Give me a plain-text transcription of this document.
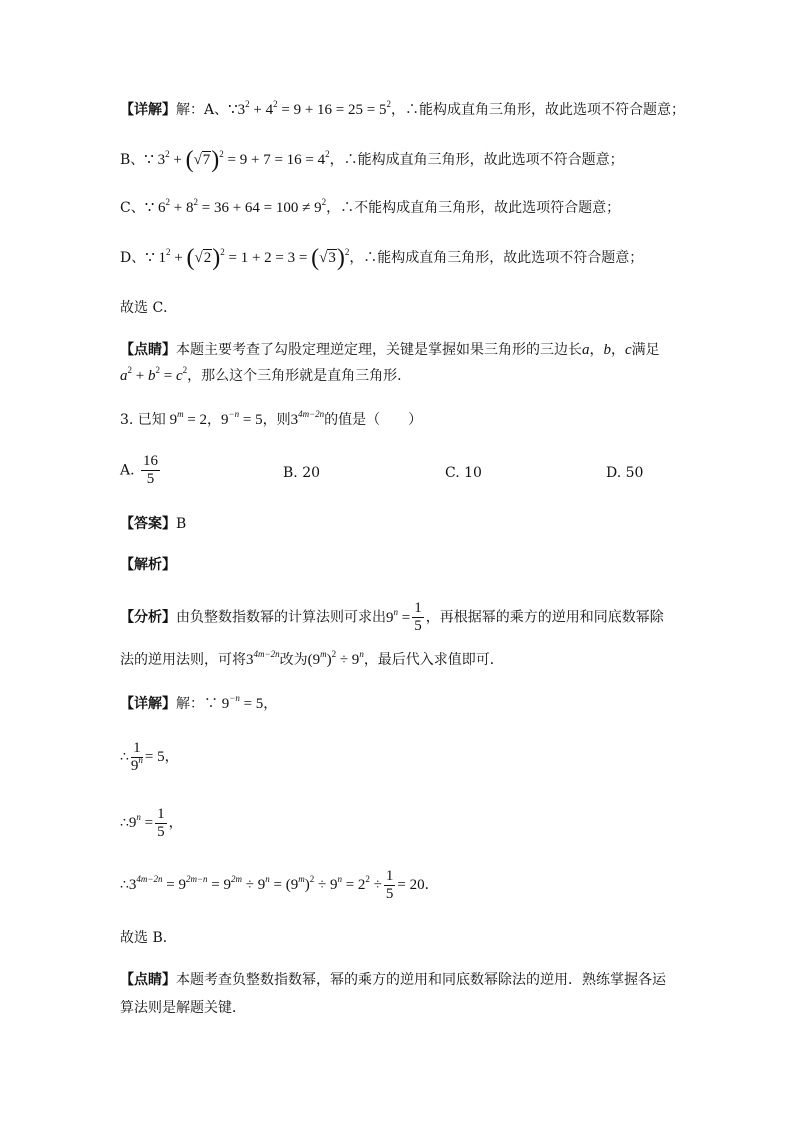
【详解】解：A、$\because 3^2 + 4^2 = 9 + 16 = 25 = 5^2$，∴能构成直角三角形，故此选项不符合题意；
B、∵ $3^2 + (√7)^2 = 9 + 7 = 16 = 4^2$，∴能构成直角三角形，故此选项不符合题意；
C、∵ $6^2 + 8^2 = 36 + 64 = 100 \ne 9^2$，∴不能构成直角三角形，故此选项符合题意；
D、∵ $1^2 + (√2)^2 = 1 + 2 = 3 = (√3)^2$，∴能构成直角三角形，故此选项不符合题意；
故选 C．
【点睛】本题主要考查了勾股定理逆定理，关键是掌握如果三角形的三边长a，b，c满足
$a^2 + b^2 = c^2$，那么这个三角形就是直角三角形．
3. 已知 $9^m = 2$，$9^{-n} = 5$，则$3^{4m-2n}$的值是（　　）
A. $\frac{16}{5}$	B. 20	C. 10	D. 50
【答案】B
【解析】
【分析】由负整数指数幂的计算法则可求出$9^n = \frac{1}{5}$ ，再根据幂的乘方的逆用和同底数幂除
法的逆用法则，可将$3^{4m-2n}$改为$(9^m)^2 \div 9^n$，最后代入求值即可．
【详解】解：∵ $9^{-n} = 5$，
∴ $\frac{1}{9^n} = 5$，
$\therefore 9^n = \frac{1}{5}$ ，
$\therefore 3^{4m-2n} = 9^{2m-n} = 9^{2m} \div 9^n = (9^m)^2 \div 9^n = 2^2 \div \frac{1}{5} = 20$．
故选 B．
【点睛】本题考查负整数指数幂，幂的乘方的逆用和同底数幂除法的逆用．熟练掌握各运
算法则是解题关键．
